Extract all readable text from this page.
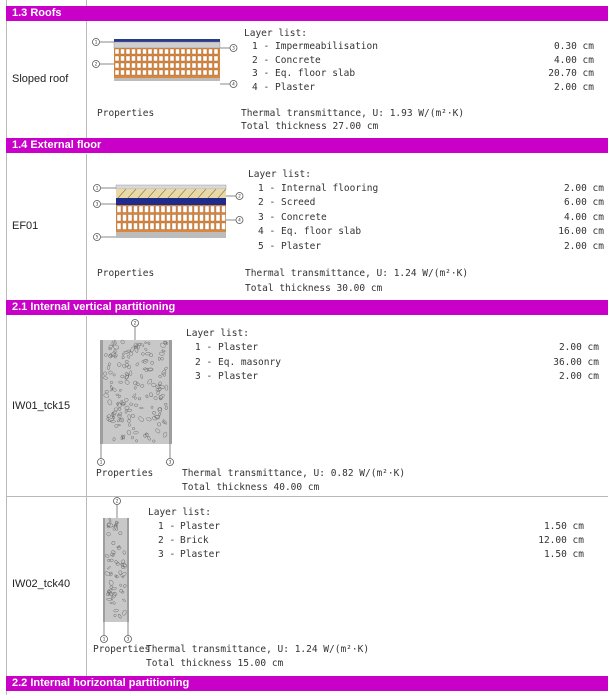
1.3 Roofs
Sloped roof
1
2
3
4
Layer list:
1 - Impermeabilisation	0.30 cm
2 - Concrete	4.00 cm
3 - Eq. floor slab	20.70 cm
4 - Plaster	2.00 cm
Properties	Thermal transmittance, U: 1.93 W/(m²·K)
Total thickness 27.00 cm
1.4 External floor
EF01
1
3
5
2
4
Layer list:
1 - Internal flooring	2.00 cm
2 - Screed	6.00 cm
3 - Concrete	4.00 cm
4 - Eq. floor slab	16.00 cm
5 - Plaster	2.00 cm
Properties	Thermal transmittance, U: 1.24 W/(m²·K)
Total thickness 30.00 cm
2.1 Internal vertical partitioning
IW01_tck15
2
1	3
Layer list:
1 - Plaster	2.00 cm
2 - Eq. masonry	36.00 cm
3 - Plaster	2.00 cm
Properties	Thermal transmittance, U: 0.82 W/(m²·K)
Total thickness 40.00 cm
IW02_tck40
2
1	3
Layer list:
1 - Plaster	1.50 cm
2 - Brick	12.00 cm
3 - Plaster	1.50 cm
Properties
Thermal transmittance, U: 1.24 W/(m²·K)
Total thickness 15.00 cm
2.2 Internal horizontal partitioning
